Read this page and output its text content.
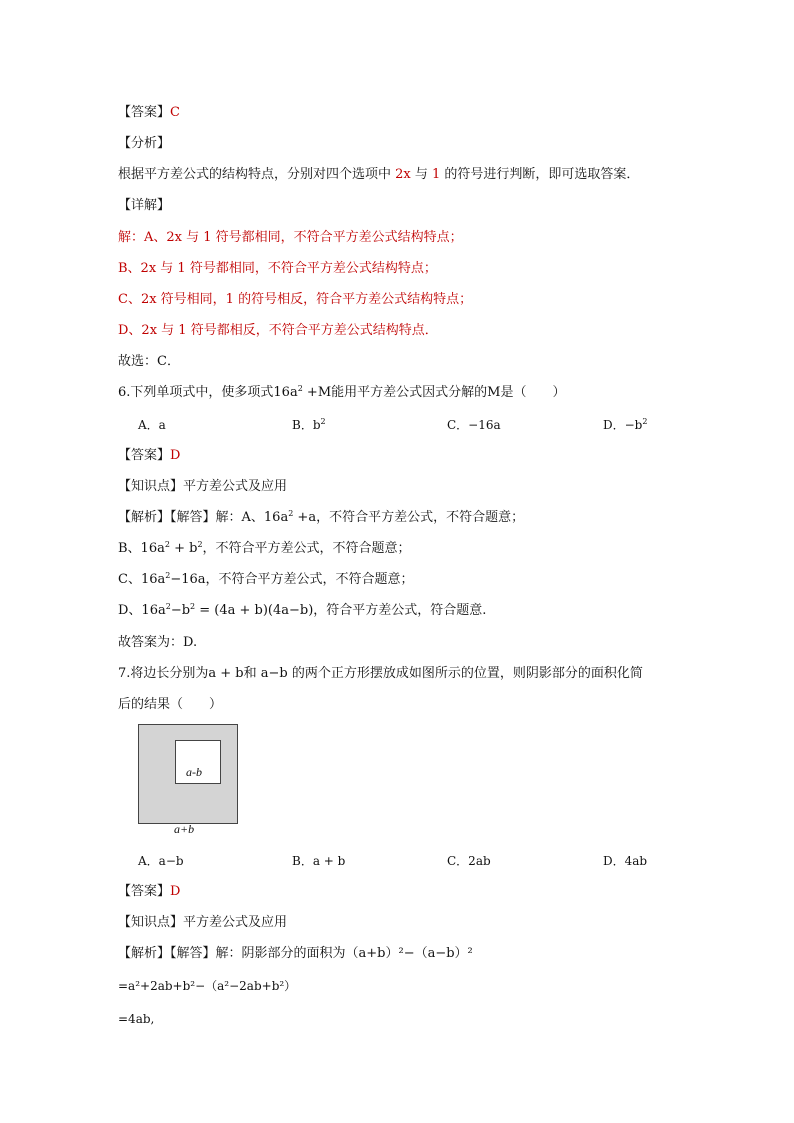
【答案】C
【分析】
根据平方差公式的结构特点，分别对四个选项中 2x 与 1 的符号进行判断，即可选取答案．
【详解】
解：A、2x 与 1 符号都相同，不符合平方差公式结构特点；
B、2x 与 1 符号都相同，不符合平方差公式结构特点；
C、2x 符号相同，1 的符号相反，符合平方差公式结构特点；
D、2x 与 1 符号都相反，不符合平方差公式结构特点．
故选：C．
6.下列单项式中，使多项式$16a^2 +M$能用平方差公式因式分解的M是（　　）
A．a	B．$b^2$	C．−16a	D．$-b^2$
【答案】D
【知识点】平方差公式及应用
【解析】【解答】解：A、$16a^2 +a$，不符合平方差公式，不符合题意；
B、$16a^2 + b^2$，不符合平方差公式，不符合题意；
C、$16a^2-16a$，不符合平方差公式，不符合题意；
D、$16a^2-b^2 = (4a + b)(4a-b)$，符合平方差公式，符合题意.
故答案为：D.
7.将边长分别为a + b和 a−b 的两个正方形摆放成如图所示的位置，则阴影部分的面积化简
后的结果（　　）
a-b
a+b
A．a−b	B．a + b	C．2ab	D．4ab
【答案】D
【知识点】平方差公式及应用
【解析】【解答】解：阴影部分的面积为（a+b）²−（a−b）²
=a²+2ab+b²−（a²−2ab+b²）
=4ab,
